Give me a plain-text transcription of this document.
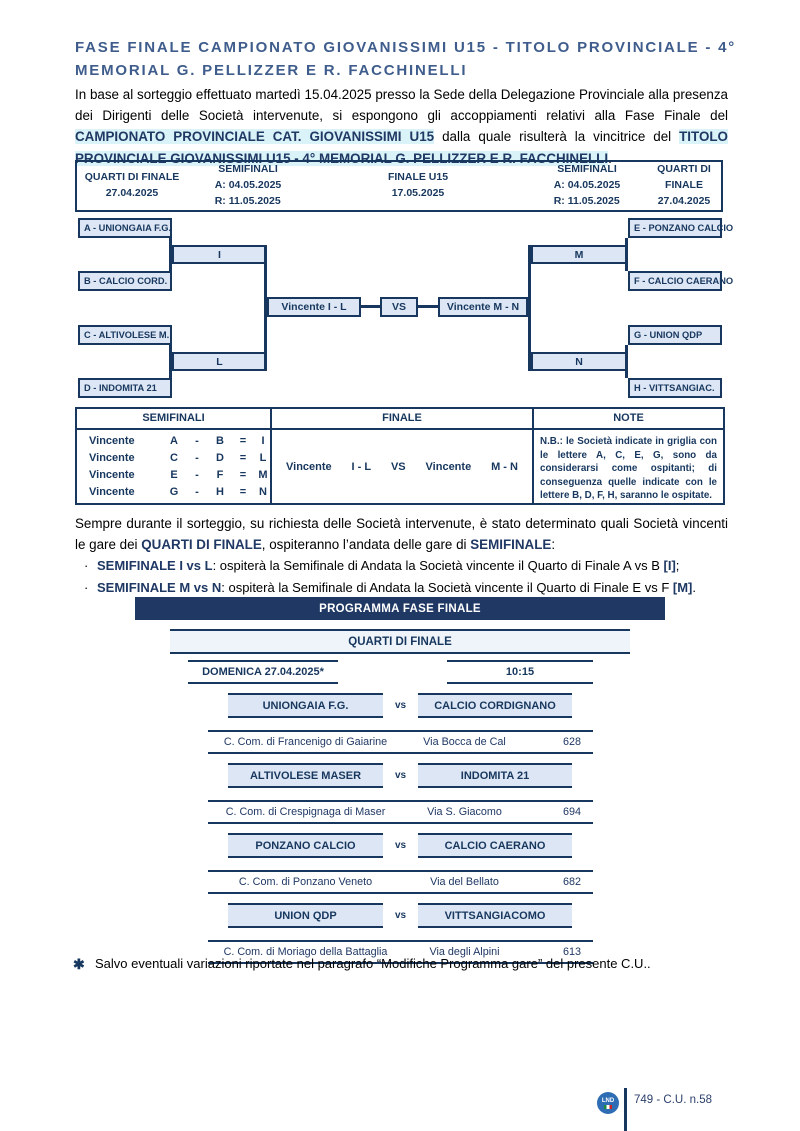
FASE FINALE CAMPIONATO GIOVANISSIMI U15 - TITOLO PROVINCIALE - 4°
MEMORIAL G. PELLIZZER E R. FACCHINELLI
In base al sorteggio effettuato martedì 15.04.2025 presso la Sede della Delegazione Provinciale alla presenza dei Dirigenti delle Società intervenute, si espongono gli accoppiamenti relativi alla Fase Finale del CAMPIONATO PROVINCIALE CAT. GIOVANISSIMI U15 dalla quale risulterà la vincitrice del TITOLO PROVINCIALE GIOVANISSIMI U15 - 4° MEMORIAL G. PELLIZZER E R. FACCHINELLI.
QUARTI DI FINALE
27.04.2025
SEMIFINALI
A: 04.05.2025
R: 11.05.2025
FINALE U15
17.05.2025
SEMIFINALI
A: 04.05.2025
R: 11.05.2025
QUARTI DI FINALE
27.04.2025
A - UNIONGAIA F.G.
B - CALCIO CORD.
C - ALTIVOLESE M.
D - INDOMITA 21
E - PONZANO CALCIO
F - CALCIO CAERANO
G - UNION QDP
H - VITTSANGIAC.
I
L
M
N
Vincente I - L	VS	Vincente M - N
SEMIFINALI
Vincente	A	-	B	=	I
Vincente	C	-	D	=	L
Vincente	E	-	F	=	M
Vincente	G	-	H	=	N
FINALE
Vincente I - L VS Vincente M - N
NOTE
N.B.: le Società indicate in griglia con le lettere A, C, E, G, sono da considerarsi come ospitanti; di conseguenza quelle indicate con le lettere B, D, F, H, saranno le ospitate.
Sempre durante il sorteggio, su richiesta delle Società intervenute, è stato determinato quali Società vincenti le gare dei QUARTI DI FINALE, ospiteranno l’andata delle gare di SEMIFINALE:
· SEMIFINALE I vs L: ospiterà la Semifinale di Andata la Società vincente il Quarto di Finale A vs B [I];
· SEMIFINALE M vs N: ospiterà la Semifinale di Andata la Società vincente il Quarto di Finale E vs F [M].
PROGRAMMA FASE FINALE
QUARTI DI FINALE
DOMENICA 27.04.2025*	10:15
UNIONGAIA F.G.	vs	CALCIO CORDIGNANO
C. Com. di Francenigo di Gaiarine	Via Bocca de Cal	628
ALTIVOLESE MASER	vs	INDOMITA 21
C. Com. di Crespignaga di Maser	Via S. Giacomo	694
PONZANO CALCIO	vs	CALCIO CAERANO
C. Com. di Ponzano Veneto	Via del Bellato	682
UNION QDP	vs	VITTSANGIACOMO
C. Com. di Moriago della Battaglia	Via degli Alpini	613
✱ Salvo eventuali variazioni riportate nel paragrafo “Modifiche Programma gare” del presente C.U..
LND 749 - C.U. n.58
